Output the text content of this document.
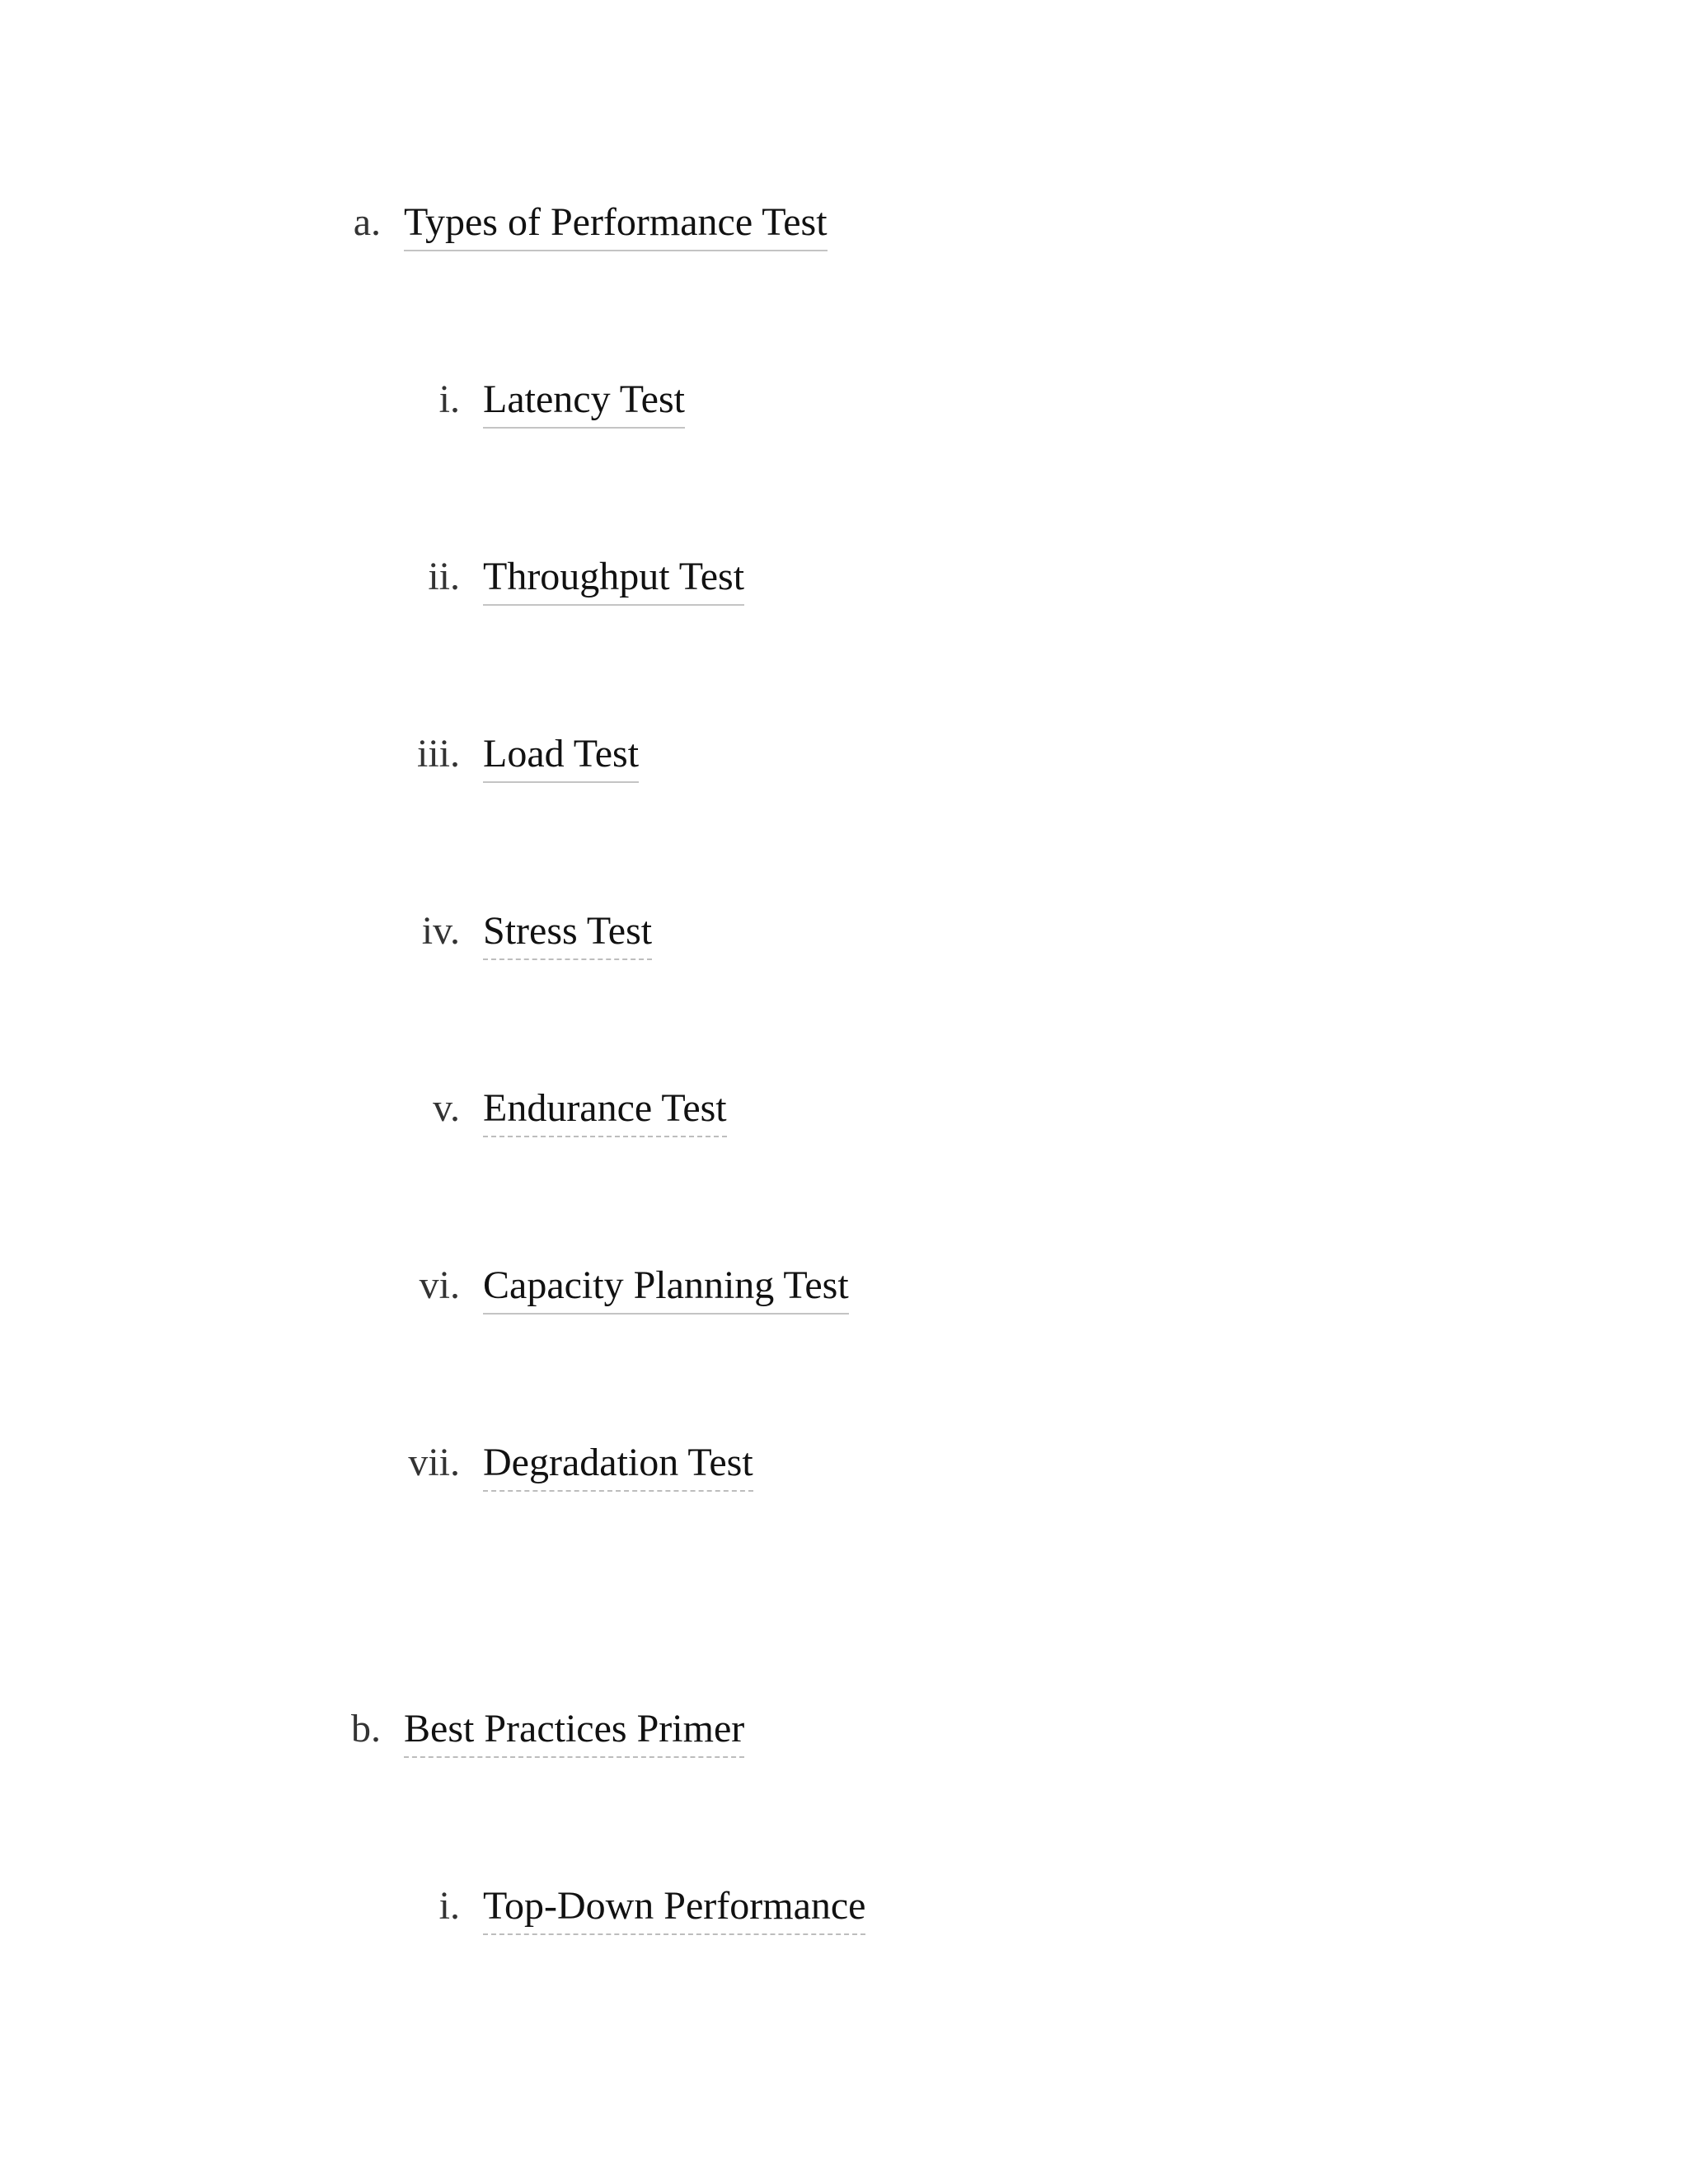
a. Types of Performance Test
i. Latency Test
ii. Throughput Test
iii. Load Test
iv. Stress Test
v. Endurance Test
vi. Capacity Planning Test
vii. Degradation Test
b. Best Practices Primer
i. Top-Down Performance
